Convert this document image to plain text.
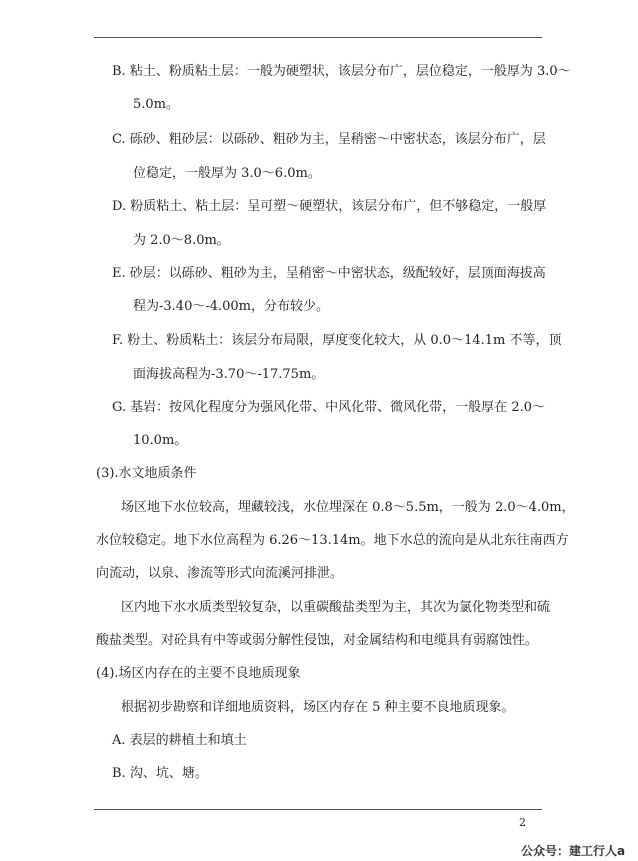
B. 粘土、粉质粘土层：一般为硬塑状，该层分布广，层位稳定，一般厚为 3.0～
5.0m。
C. 砾砂、粗砂层：以砾砂、粗砂为主，呈稍密～中密状态，该层分布广，层
位稳定，一般厚为 3.0～6.0m。
D. 粉质粘土、粘土层：呈可塑～硬塑状，该层分布广，但不够稳定，一般厚
为 2.0～8.0m。
E. 砂层：以砾砂、粗砂为主，呈稍密～中密状态，级配较好，层顶面海拔高
程为-3.40～-4.00m，分布较少。
F. 粉土、粉质粘土：该层分布局限，厚度变化较大，从 0.0～14.1m 不等，顶
面海拔高程为-3.70～-17.75m。
G. 基岩：按风化程度分为强风化带、中风化带、微风化带，一般厚在 2.0～
10.0m。
(3).水文地质条件
场区地下水位较高，埋藏较浅，水位埋深在 0.8～5.5m，一般为 2.0～4.0m，
水位较稳定。地下水位高程为 6.26～13.14m。地下水总的流向是从北东往南西方
向流动，以泉、渗流等形式向流溪河排泄。
区内地下水水质类型较复杂，以重碳酸盐类型为主，其次为氯化物类型和硫
酸盐类型。对砼具有中等或弱分解性侵蚀，对金属结构和电缆具有弱腐蚀性。
(4).场区内存在的主要不良地质现象
根据初步勘察和详细地质资料，场区内存在 5 种主要不良地质现象。
A. 表层的耕植土和填土
B. 沟、坑、塘。
2
公众号：建工行人a
